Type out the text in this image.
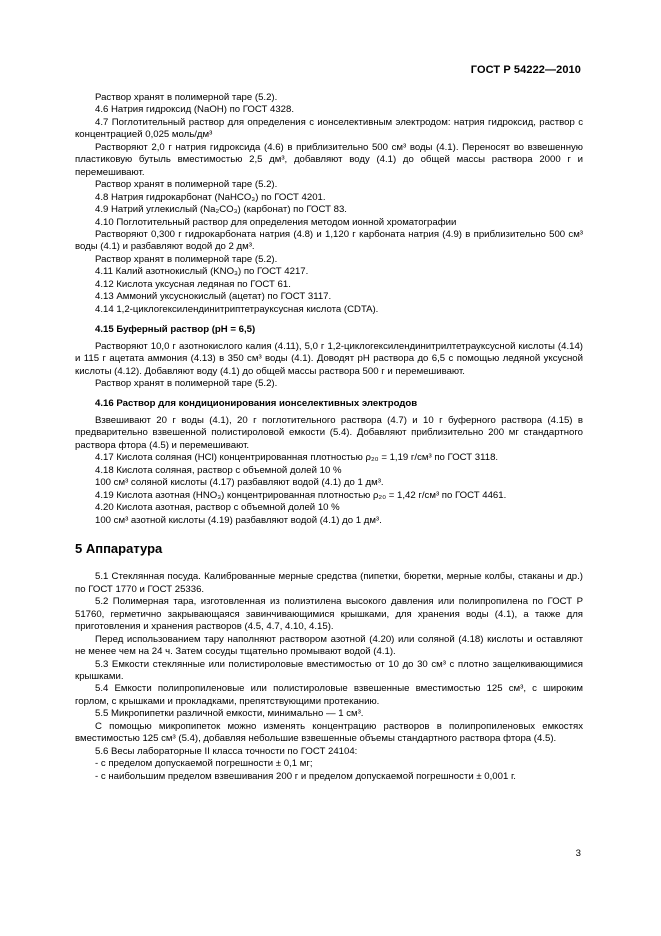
ГОСТ Р 54222—2010

Раствор хранят в полимерной таре (5.2).

4.6 Натрия гидроксид (NaOH) по ГОСТ 4328.

4.7 Поглотительный раствор для определения с ионселективным электродом: натрия гидроксид, раствор с концентрацией 0,025 моль/дм³

Растворяют 2,0 г натрия гидроксида (4.6) в приблизительно 500 см³ воды (4.1). Переносят во взвешенную пластиковую бутыль вместимостью 2,5 дм³, добавляют воду (4.1) до общей массы раствора 2000 г и перемешивают.

Раствор хранят в полимерной таре (5.2).

4.8 Натрия гидрокарбонат (NaHCO₃) по ГОСТ 4201.

4.9 Натрий углекислый (Na₂CO₃) (карбонат) по ГОСТ 83.

4.10 Поглотительный раствор для определения методом ионной хроматографии

Растворяют 0,300 г гидрокарбоната натрия (4.8) и 1,120 г карбоната натрия (4.9) в приблизительно 500 см³ воды (4.1) и разбавляют водой до 2 дм³.

Раствор хранят в полимерной таре (5.2).

4.11 Калий азотнокислый (KNO₃) по ГОСТ 4217.

4.12 Кислота уксусная ледяная по ГОСТ 61.

4.13 Аммоний уксуснокислый (ацетат) по ГОСТ 3117.

4.14 1,2-циклогексилендинитриптетрауксусная кислота (CDTA).

4.15 Буферный раствор (рН = 6,5)

Растворяют 10,0 г азотнокислого калия (4.11), 5,0 г 1,2-циклогексилендинитрилтетрауксусной кислоты (4.14) и 115 г ацетата аммония (4.13) в 350 см³ воды (4.1). Доводят рН раствора до 6,5 с помощью ледяной уксусной кислоты (4.12). Добавляют воду (4.1) до общей массы раствора 500 г и перемешивают.

Раствор хранят в полимерной таре (5.2).

4.16 Раствор для кондиционирования ионселективных электродов

Взвешивают 20 г воды (4.1), 20 г поглотительного раствора (4.7) и 10 г буферного раствора (4.15) в предварительно взвешенной полистироловой емкости (5.4). Добавляют приблизительно 200 мг стандартного раствора фтора (4.5) и перемешивают.

4.17 Кислота соляная (HCl) концентрированная плотностью ρ₂₀ = 1,19 г/см³ по ГОСТ 3118.

4.18 Кислота соляная, раствор с объемной долей 10 %

100 см³ соляной кислоты (4.17) разбавляют водой (4.1) до 1 дм³.

4.19 Кислота азотная (HNO₃) концентрированная плотностью ρ₂₀ = 1,42 г/см³ по ГОСТ 4461.

4.20 Кислота азотная, раствор с объемной долей 10 %

100 см³ азотной кислоты (4.19) разбавляют водой (4.1) до 1 дм³.

5 Аппаратура

5.1 Стеклянная посуда. Калиброванные мерные средства (пипетки, бюретки, мерные колбы, стаканы и др.) по ГОСТ 1770 и ГОСТ 25336.

5.2 Полимерная тара, изготовленная из полиэтилена высокого давления или полипропилена по ГОСТ Р 51760, герметично закрывающаяся завинчивающимися крышками, для хранения воды (4.1), а также для приготовления и хранения растворов (4.5, 4.7, 4.10, 4.15).

Перед использованием тару наполняют раствором азотной (4.20) или соляной (4.18) кислоты и оставляют не менее чем на 24 ч. Затем сосуды тщательно промывают водой (4.1).

5.3 Емкости стеклянные или полистироловые вместимостью от 10 до 30 см³ с плотно защелкивающимися крышками.

5.4 Емкости полипропиленовые или полистироловые взвешенные вместимостью 125 см³, с широким горлом, с крышками и прокладками, препятствующими протеканию.

5.5 Микропипетки различной емкости, минимально — 1 см³.

С помощью микропипеток можно изменять концентрацию растворов в полипропиленовых емкостях вместимостью 125 см³ (5.4), добавляя небольшие взвешенные объемы стандартного раствора фтора (4.5).

5.6 Весы лабораторные II класса точности по ГОСТ 24104:

- с пределом допускаемой погрешности ± 0,1 мг;

- с наибольшим пределом взвешивания 200 г и пределом допускаемой погрешности ± 0,001 г.

3
